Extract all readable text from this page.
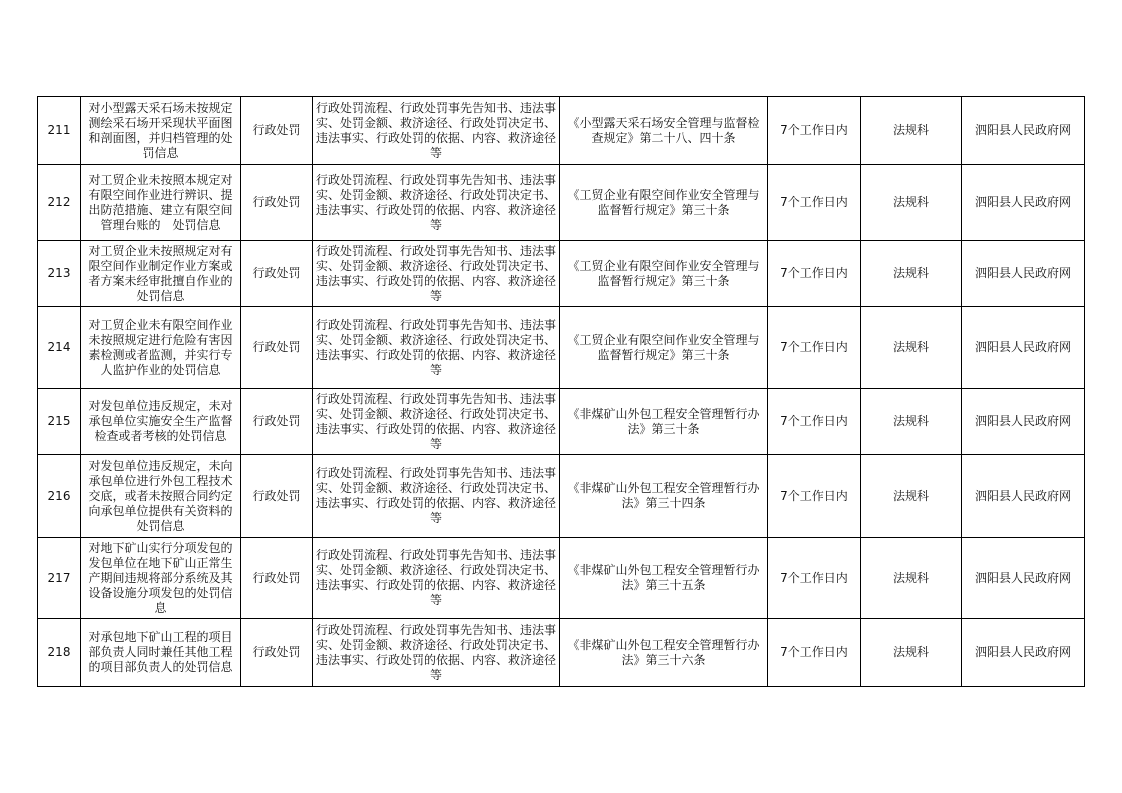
211	对小型露天采石场未按规定测绘采石场开采现状平面图和剖面图，并归档管理的处罚信息	行政处罚	行政处罚流程、行政处罚事先告知书、违法事实、处罚金额、救济途径、行政处罚决定书、违法事实、行政处罚的依据、内容、救济途径等	《小型露天采石场安全管理与监督检查规定》第二十八、四十条	7个工作日内	法规科	泗阳县人民政府网
212	对工贸企业未按照本规定对有限空间作业进行辨识、提出防范措施、建立有限空间管理台账的　处罚信息	行政处罚	行政处罚流程、行政处罚事先告知书、违法事实、处罚金额、救济途径、行政处罚决定书、违法事实、行政处罚的依据、内容、救济途径等	《工贸企业有限空间作业安全管理与监督暂行规定》第三十条	7个工作日内	法规科	泗阳县人民政府网
213	对工贸企业未按照规定对有限空间作业制定作业方案或者方案未经审批擅自作业的处罚信息	行政处罚	行政处罚流程、行政处罚事先告知书、违法事实、处罚金额、救济途径、行政处罚决定书、违法事实、行政处罚的依据、内容、救济途径等	《工贸企业有限空间作业安全管理与监督暂行规定》第三十条	7个工作日内	法规科	泗阳县人民政府网
214	对工贸企业未有限空间作业未按照规定进行危险有害因素检测或者监测，并实行专人监护作业的处罚信息	行政处罚	行政处罚流程、行政处罚事先告知书、违法事实、处罚金额、救济途径、行政处罚决定书、违法事实、行政处罚的依据、内容、救济途径等	《工贸企业有限空间作业安全管理与监督暂行规定》第三十条	7个工作日内	法规科	泗阳县人民政府网
215	对发包单位违反规定，未对承包单位实施安全生产监督检查或者考核的处罚信息	行政处罚	行政处罚流程、行政处罚事先告知书、违法事实、处罚金额、救济途径、行政处罚决定书、违法事实、行政处罚的依据、内容、救济途径等	《非煤矿山外包工程安全管理暂行办法》第三十条	7个工作日内	法规科	泗阳县人民政府网
216	对发包单位违反规定，未向承包单位进行外包工程技术交底，或者未按照合同约定向承包单位提供有关资料的处罚信息	行政处罚	行政处罚流程、行政处罚事先告知书、违法事实、处罚金额、救济途径、行政处罚决定书、违法事实、行政处罚的依据、内容、救济途径等	《非煤矿山外包工程安全管理暂行办法》第三十四条	7个工作日内	法规科	泗阳县人民政府网
217	对地下矿山实行分项发包的发包单位在地下矿山正常生产期间违规将部分系统及其设备设施分项发包的处罚信息	行政处罚	行政处罚流程、行政处罚事先告知书、违法事实、处罚金额、救济途径、行政处罚决定书、违法事实、行政处罚的依据、内容、救济途径等	《非煤矿山外包工程安全管理暂行办法》第三十五条	7个工作日内	法规科	泗阳县人民政府网
218	对承包地下矿山工程的项目部负责人同时兼任其他工程的项目部负责人的处罚信息	行政处罚	行政处罚流程、行政处罚事先告知书、违法事实、处罚金额、救济途径、行政处罚决定书、违法事实、行政处罚的依据、内容、救济途径等	《非煤矿山外包工程安全管理暂行办法》第三十六条	7个工作日内	法规科	泗阳县人民政府网
